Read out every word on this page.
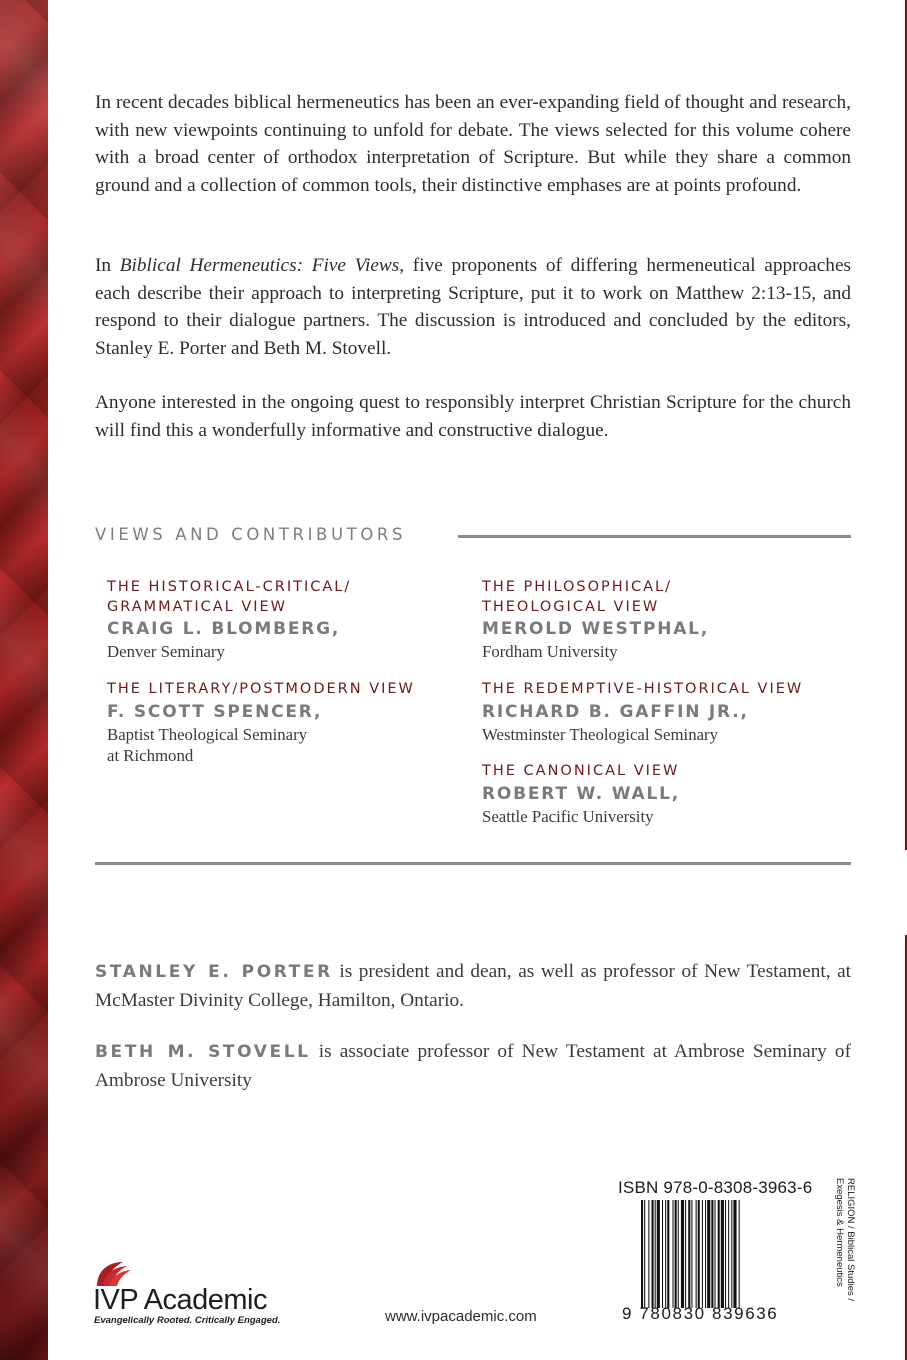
In recent decades biblical hermeneutics has been an ever-expanding field of thought and research, with new viewpoints continuing to unfold for debate. The views selected for this volume cohere with a broad center of orthodox interpretation of Scripture. But while they share a common ground and a collection of common tools, their distinctive emphases are at points profound.

In Biblical Hermeneutics: Five Views, five proponents of differing hermeneutical approaches each describe their approach to interpreting Scripture, put it to work on Matthew 2:13-15, and respond to their dialogue partners. The discussion is introduced and concluded by the editors, Stanley E. Porter and Beth M. Stovell.

Anyone interested in the ongoing quest to responsibly interpret Christian Scripture for the church will find this a wonderfully informative and constructive dialogue.

VIEWS AND CONTRIBUTORS
THE HISTORICAL-CRITICAL/
GRAMMATICAL VIEW
CRAIG L. BLOMBERG,
Denver Seminary
THE LITERARY/POSTMODERN VIEW
F. SCOTT SPENCER,
Baptist Theological Seminary
at Richmond
THE PHILOSOPHICAL/
THEOLOGICAL VIEW
MEROLD WESTPHAL,
Fordham University
THE REDEMPTIVE-HISTORICAL VIEW
RICHARD B. GAFFIN JR.,
Westminster Theological Seminary
THE CANONICAL VIEW
ROBERT W. WALL,
Seattle Pacific University

STANLEY E. PORTER is president and dean, as well as professor of New Testament, at McMaster Divinity College, Hamilton, Ontario.

BETH M. STOVELL is associate professor of New Testament at Ambrose Seminary of Ambrose University

IVP Academic
Evangelically Rooted. Critically Engaged.	www.ivpacademic.com
ISBN 978-0-8308-3963-6
9 780830 839636
RELIGION / Biblical Studies /
Exegesis & Hermeneutics
